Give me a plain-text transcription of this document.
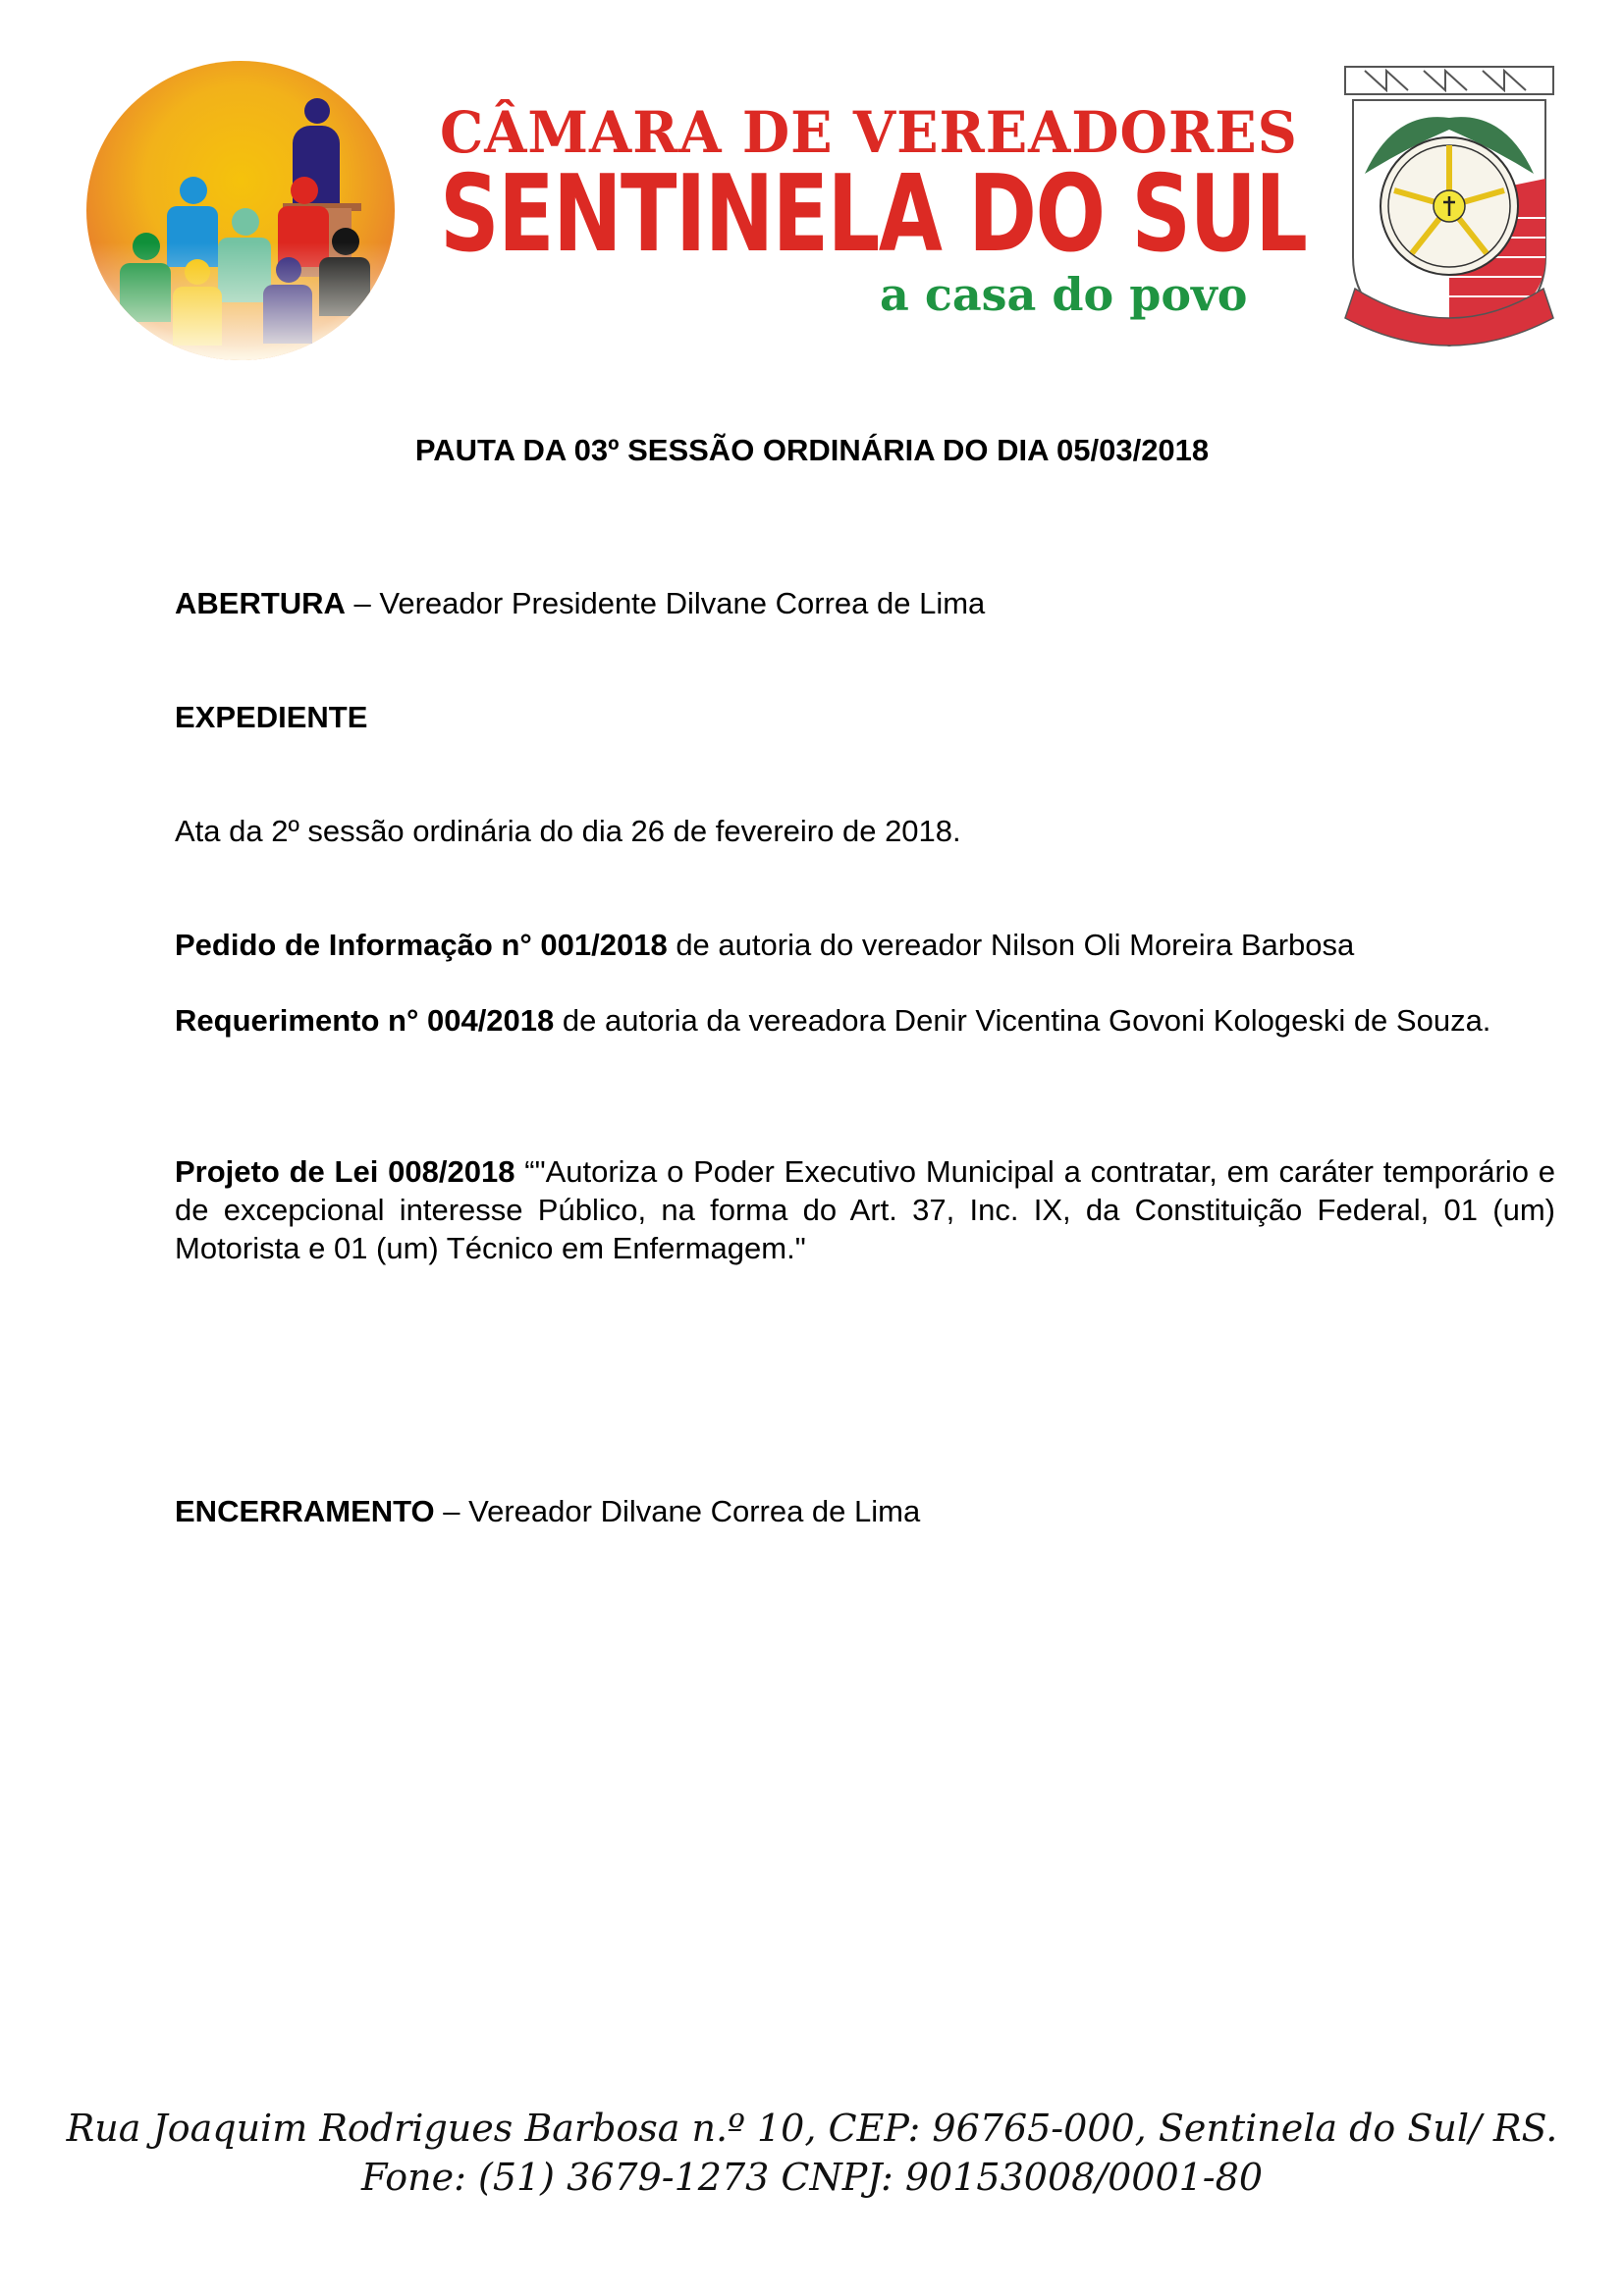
CÂMARA DE VEREADORES
SENTINELA DO SUL
a casa do povo
PAUTA DA 03º SESSÃO ORDINÁRIA DO DIA 05/03/2018
ABERTURA – Vereador Presidente Dilvane Correa de Lima
EXPEDIENTE
Ata da 2º sessão ordinária do dia 26 de fevereiro de 2018.
Pedido de Informação n° 001/2018 de autoria do vereador Nilson Oli Moreira Barbosa
Requerimento n° 004/2018 de autoria da vereadora Denir Vicentina Govoni Kologeski de Souza.
Projeto de Lei 008/2018 “"Autoriza o Poder Executivo Municipal a contratar, em caráter temporário e de excepcional interesse Público, na forma do Art. 37, Inc. IX, da Constituição Federal, 01 (um) Motorista e 01 (um) Técnico em Enfermagem."
ENCERRAMENTO – Vereador Dilvane Correa de Lima
Rua Joaquim Rodrigues Barbosa n.º 10, CEP: 96765-000, Sentinela do Sul/ RS.
Fone: (51) 3679-1273 CNPJ: 90153008/0001-80
